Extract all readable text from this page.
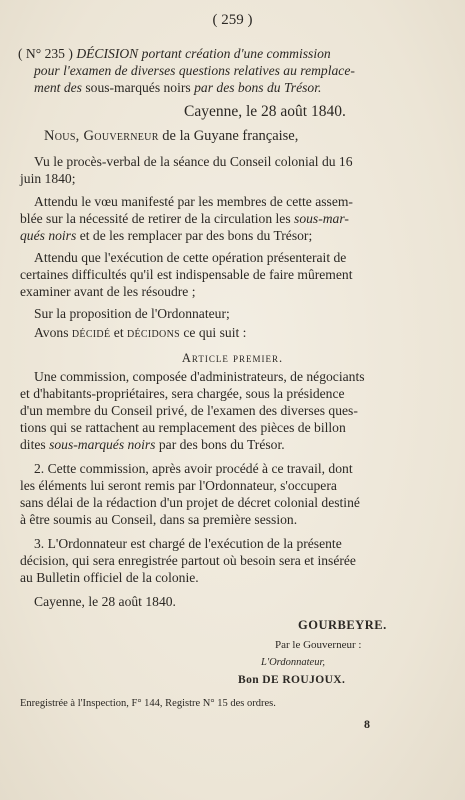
( 259 )
( N° 235 ) DÉCISION portant création d'une commission
pour l'examen de diverses questions relatives au remplace-
ment des sous-marqués noirs par des bons du Trésor.
Cayenne, le 28 août 1840.
Nous, Gouverneur de la Guyane française,
Vu le procès-verbal de la séance du Conseil colonial du 16
juin 1840;
Attendu le vœu manifesté par les membres de cette assem-
blée sur la nécessité de retirer de la circulation les sous-mar-
qués noirs et de les remplacer par des bons du Trésor;
Attendu que l'exécution de cette opération présenterait de
certaines difficultés qu'il est indispensable de faire mûrement
examiner avant de les résoudre ;
Sur la proposition de l'Ordonnateur;
Avons décidé et décidons ce qui suit :
Article premier.
Une commission, composée d'administrateurs, de négociants
et d'habitants-propriétaires, sera chargée, sous la présidence
d'un membre du Conseil privé, de l'examen des diverses ques-
tions qui se rattachent au remplacement des pièces de billon
dites sous-marqués noirs par des bons du Trésor.
2. Cette commission, après avoir procédé à ce travail, dont
les éléments lui seront remis par l'Ordonnateur, s'occupera
sans délai de la rédaction d'un projet de décret colonial destiné
à être soumis au Conseil, dans sa première session.
3. L'Ordonnateur est chargé de l'exécution de la présente
décision, qui sera enregistrée partout où besoin sera et insérée
au Bulletin officiel de la colonie.
Cayenne, le 28 août 1840.
GOURBEYRE.
Par le Gouverneur :
L'Ordonnateur,
Bon DE ROUJOUX.
Enregistrée à l'Inspection, F° 144, Registre N° 15 des ordres.
8
